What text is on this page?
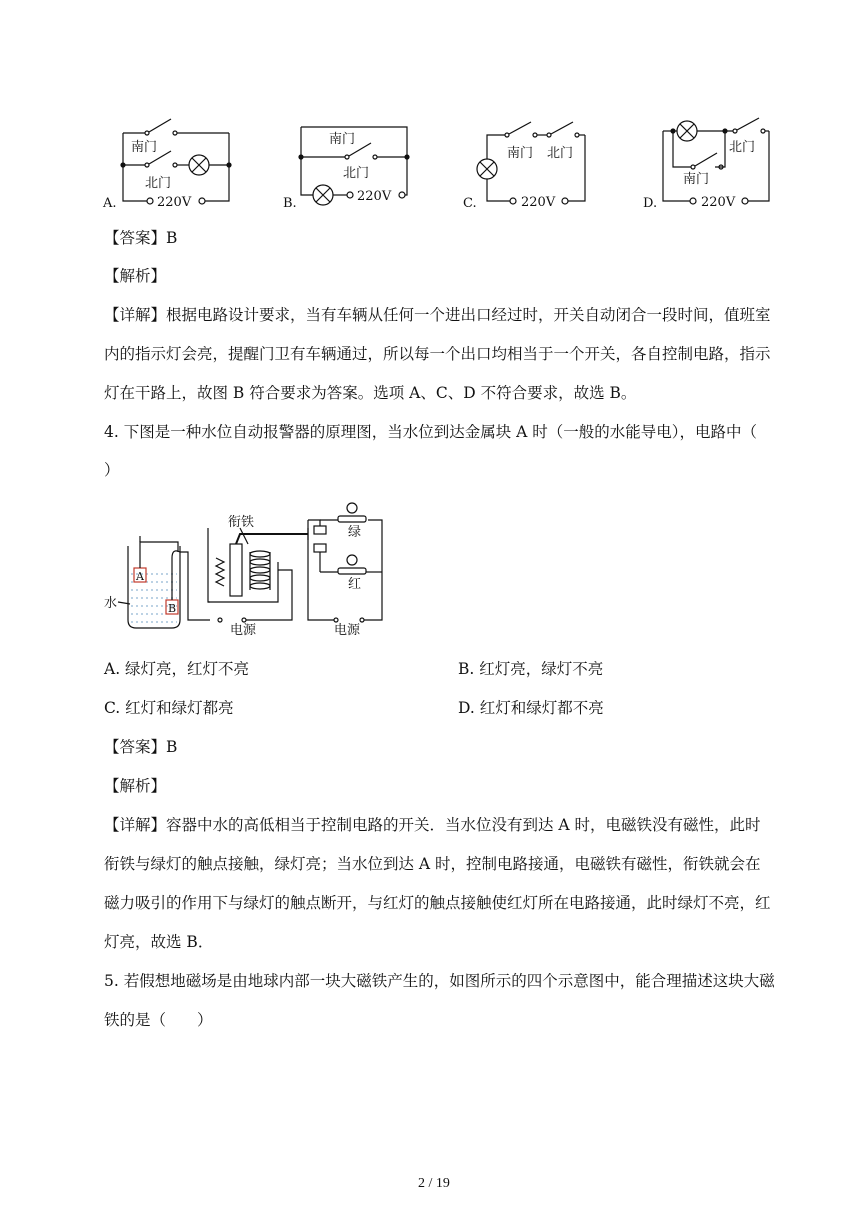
A.
南门
北门
220V	B.
南门
北门
220V	C.
南门 北门
220V	D.
北门
南门
220V
【答案】B
【解析】
【详解】根据电路设计要求，当有车辆从任何一个进出口经过时，开关自动闭合一段时间，值班室
内的指示灯会亮，提醒门卫有车辆通过，所以每一个出口均相当于一个开关，各自控制电路，指示
灯在干路上，故图 B 符合要求为答案。选项 A、C、D 不符合要求，故选 B。
4. 下图是一种水位自动报警器的原理图，当水位到达金属块 A 时（一般的水能导电），电路中（
）
水
A
B
衔铁
电源	电源
绿
红
A. 绿灯亮，红灯不亮	B. 红灯亮，绿灯不亮
C. 红灯和绿灯都亮	D. 红灯和绿灯都不亮
【答案】B
【解析】
【详解】容器中水的高低相当于控制电路的开关．当水位没有到达 A 时，电磁铁没有磁性，此时
衔铁与绿灯的触点接触，绿灯亮；当水位到达 A 时，控制电路接通，电磁铁有磁性，衔铁就会在
磁力吸引的作用下与绿灯的触点断开，与红灯的触点接触使红灯所在电路接通，此时绿灯不亮，红
灯亮，故选 B．
5. 若假想地磁场是由地球内部一块大磁铁产生的，如图所示的四个示意图中，能合理描述这块大磁
铁的是（　　）
2 / 19
